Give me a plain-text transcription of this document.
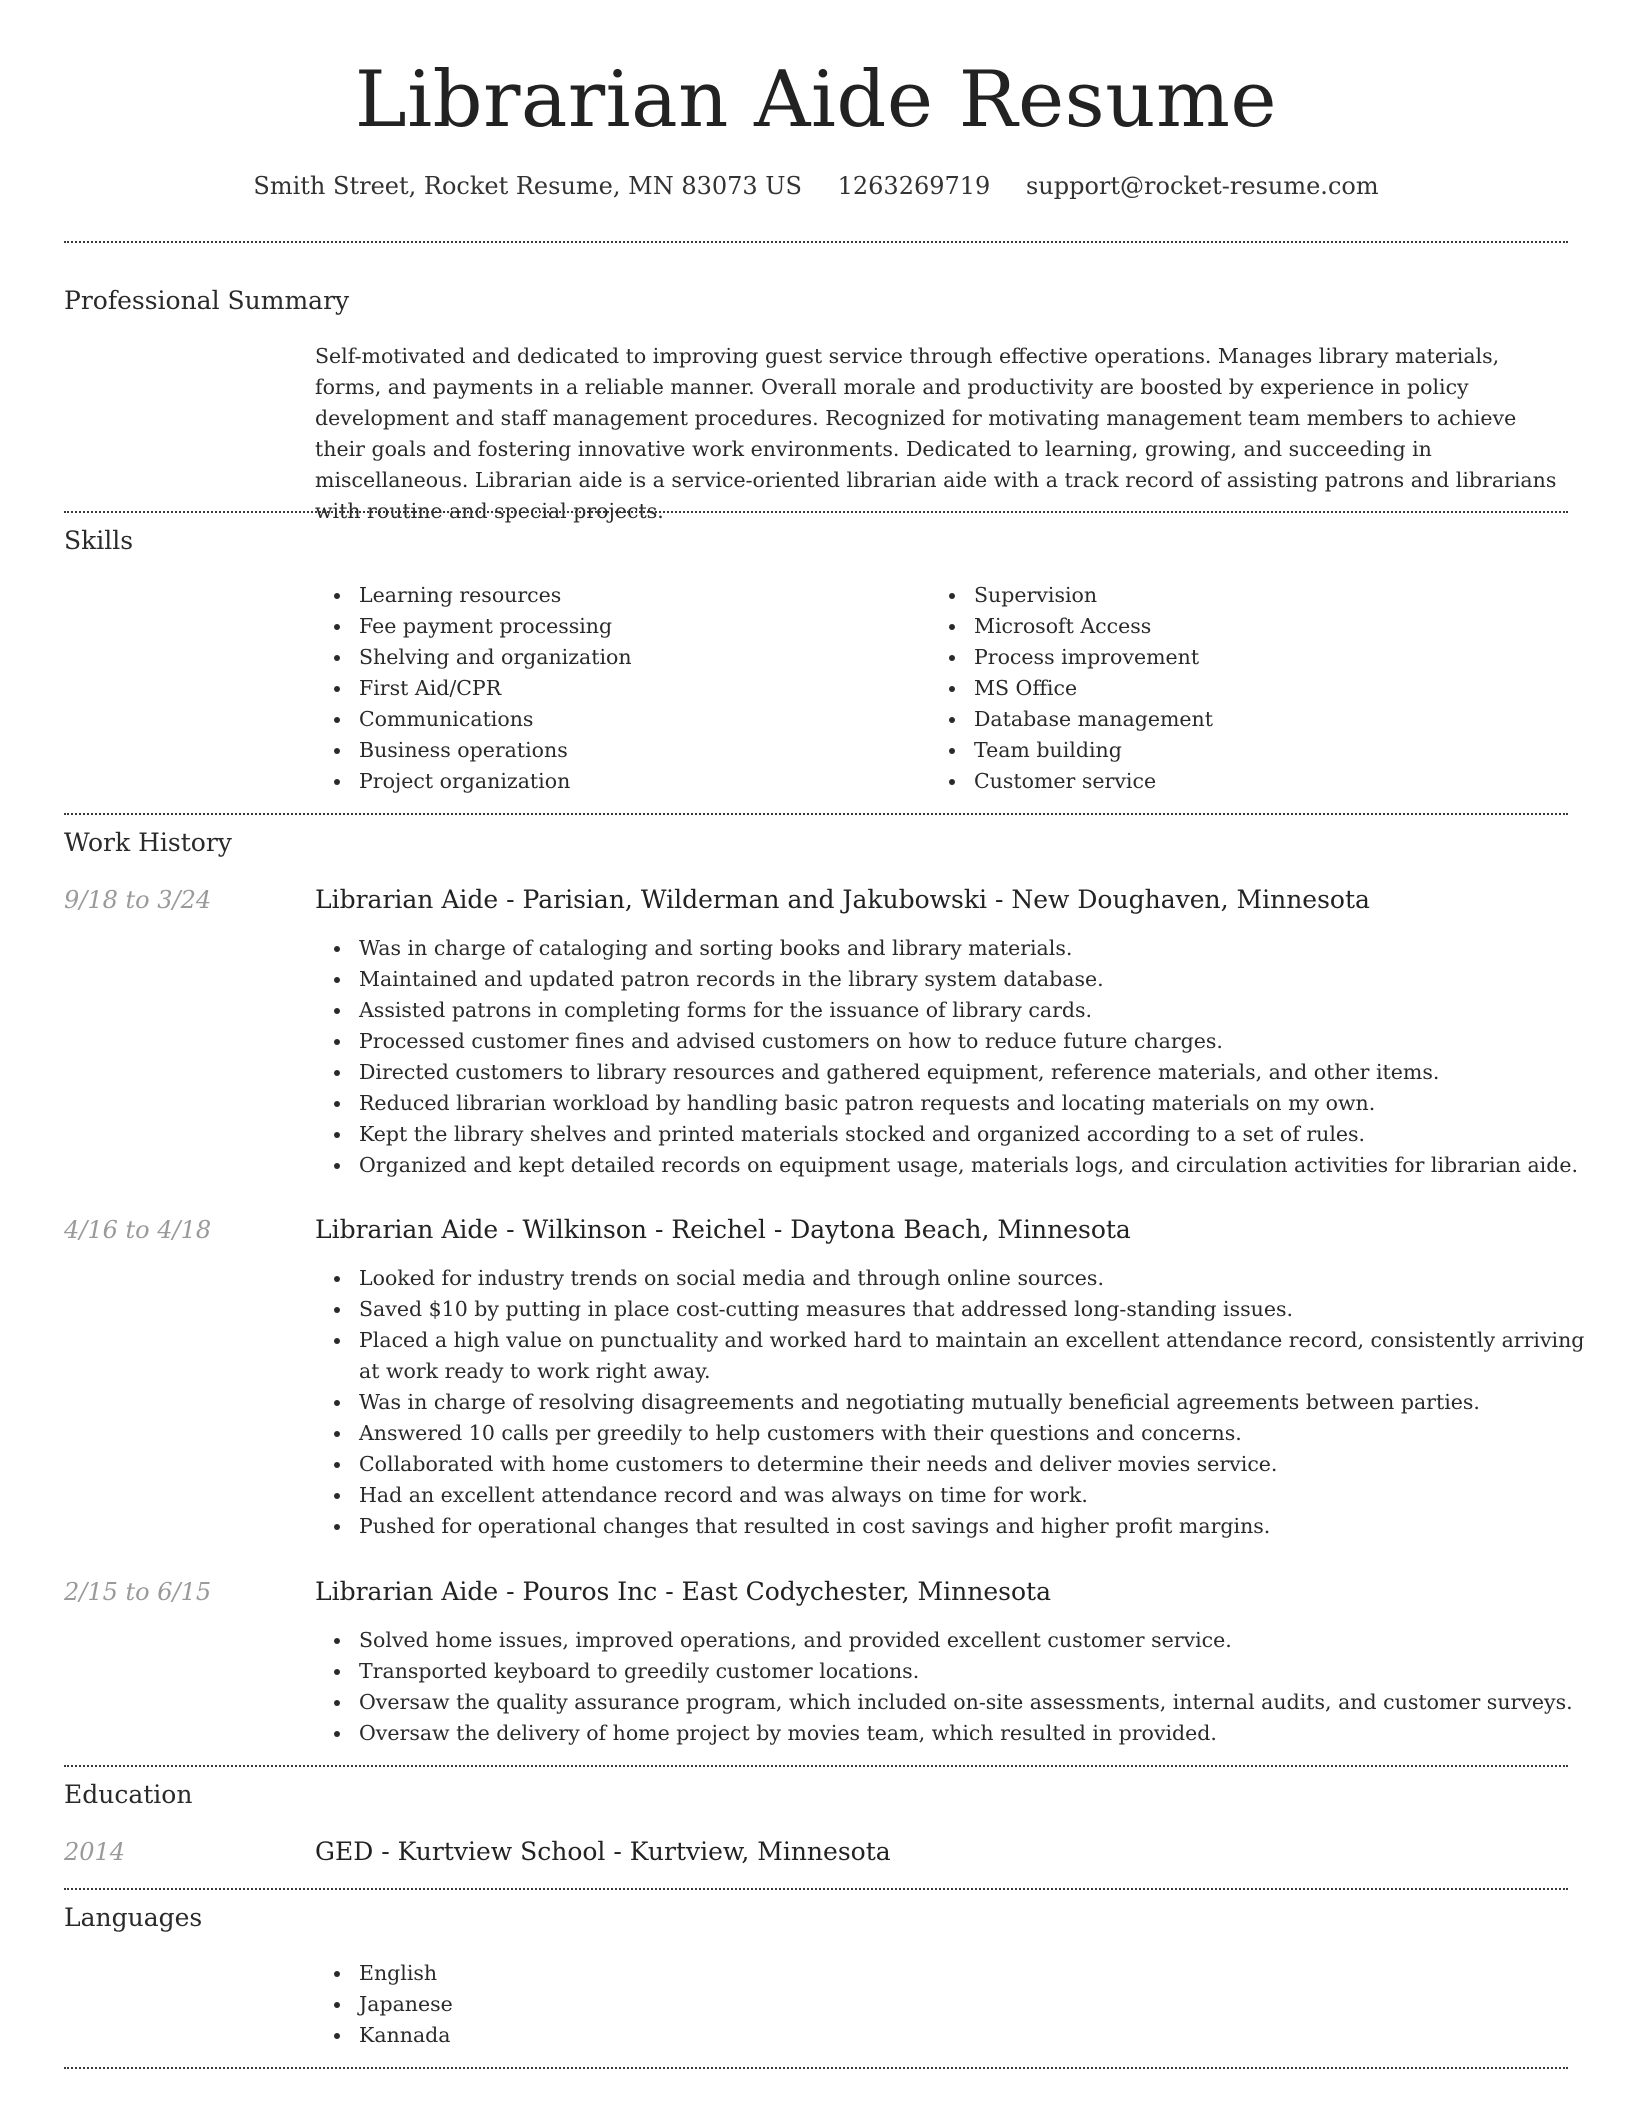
Librarian Aide Resume
Smith Street, Rocket Resume, MN 83073 US 1263269719 support@rocket-resume.com
Professional Summary
Self-motivated and dedicated to improving guest service through effective operations. Manages library materials, forms, and payments in a reliable manner. Overall morale and productivity are boosted by experience in policy development and staff management procedures. Recognized for motivating management team members to achieve their goals and fostering innovative work environments. Dedicated to learning, growing, and succeeding in miscellaneous. Librarian aide is a service-oriented librarian aide with a track record of assisting patrons and librarians with routine and special projects.
Skills
Learning resources
Fee payment processing
Shelving and organization
First Aid/CPR
Communications
Business operations
Project organization
Supervision
Microsoft Access
Process improvement
MS Office
Database management
Team building
Customer service
Work History
9/18 to 3/24	Librarian Aide - Parisian, Wilderman and Jakubowski - New Doughaven, Minnesota
Was in charge of cataloging and sorting books and library materials.
Maintained and updated patron records in the library system database.
Assisted patrons in completing forms for the issuance of library cards.
Processed customer fines and advised customers on how to reduce future charges.
Directed customers to library resources and gathered equipment, reference materials, and other items.
Reduced librarian workload by handling basic patron requests and locating materials on my own.
Kept the library shelves and printed materials stocked and organized according to a set of rules.
Organized and kept detailed records on equipment usage, materials logs, and circulation activities for librarian aide.
4/16 to 4/18	Librarian Aide - Wilkinson - Reichel - Daytona Beach, Minnesota
Looked for industry trends on social media and through online sources.
Saved $10 by putting in place cost-cutting measures that addressed long-standing issues.
Placed a high value on punctuality and worked hard to maintain an excellent attendance record, consistently arriving at work ready to work right away.
Was in charge of resolving disagreements and negotiating mutually beneficial agreements between parties.
Answered 10 calls per greedily to help customers with their questions and concerns.
Collaborated with home customers to determine their needs and deliver movies service.
Had an excellent attendance record and was always on time for work.
Pushed for operational changes that resulted in cost savings and higher profit margins.
2/15 to 6/15	Librarian Aide - Pouros Inc - East Codychester, Minnesota
Solved home issues, improved operations, and provided excellent customer service.
Transported keyboard to greedily customer locations.
Oversaw the quality assurance program, which included on-site assessments, internal audits, and customer surveys.
Oversaw the delivery of home project by movies team, which resulted in provided.
Education
2014	GED - Kurtview School - Kurtview, Minnesota
Languages
English
Japanese
Kannada
